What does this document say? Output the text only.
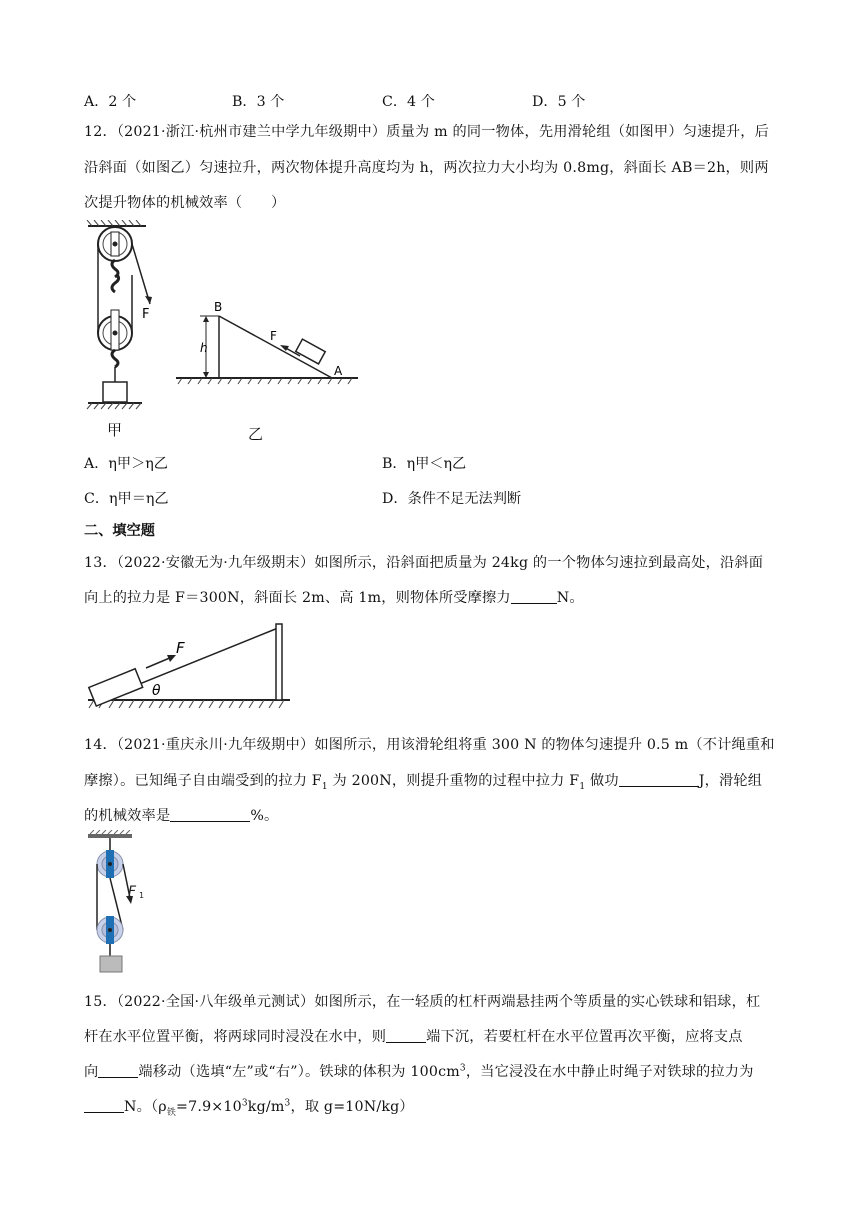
A．2 个	B．3 个	C．4 个	D．5 个
12．（2021·浙江·杭州市建兰中学九年级期中）质量为 m 的同一物体，先用滑轮组（如图甲）匀速提升，后
沿斜面（如图乙）匀速拉升，两次物体提升高度均为 h，两次拉力大小均为 0.8mg，斜面长 AB＝2h，则两
次提升物体的机械效率（　　）
F
甲
h
B
A
F
乙
A．η甲＞η乙	B．η甲＜η乙
C．η甲＝η乙	D．条件不足无法判断
二、填空题
13．（2022·安徽无为·九年级期末）如图所示，沿斜面把质量为 24kg 的一个物体匀速拉到最高处，沿斜面
向上的拉力是 F＝300N，斜面长 2m、高 1m，则物体所受摩擦力	N。
F
θ
14．（2021·重庆永川·九年级期中）如图所示，用该滑轮组将重 300 N 的物体匀速提升 0.5 m（不计绳重和
摩擦）。已知绳子自由端受到的拉力 $F_1$ 为 200N，则提升重物的过程中拉力 $F_1$ 做功	J，滑轮组
的机械效率是	%。
F 1
15．（2022·全国·八年级单元测试）如图所示，在一轻质的杠杆两端悬挂两个等质量的实心铁球和铝球，杠
杆在水平位置平衡，将两球同时浸没在水中，则	端下沉，若要杠杆在水平位置再次平衡，应将支点
向	端移动（选填“左”或“右”）。铁球的体积为 $100cm^3$，当它浸没在水中静止时绳子对铁球的拉力为
N。（$\rho_铁=7.9\times 10^3kg/m^3$，取 g=10N/kg）
